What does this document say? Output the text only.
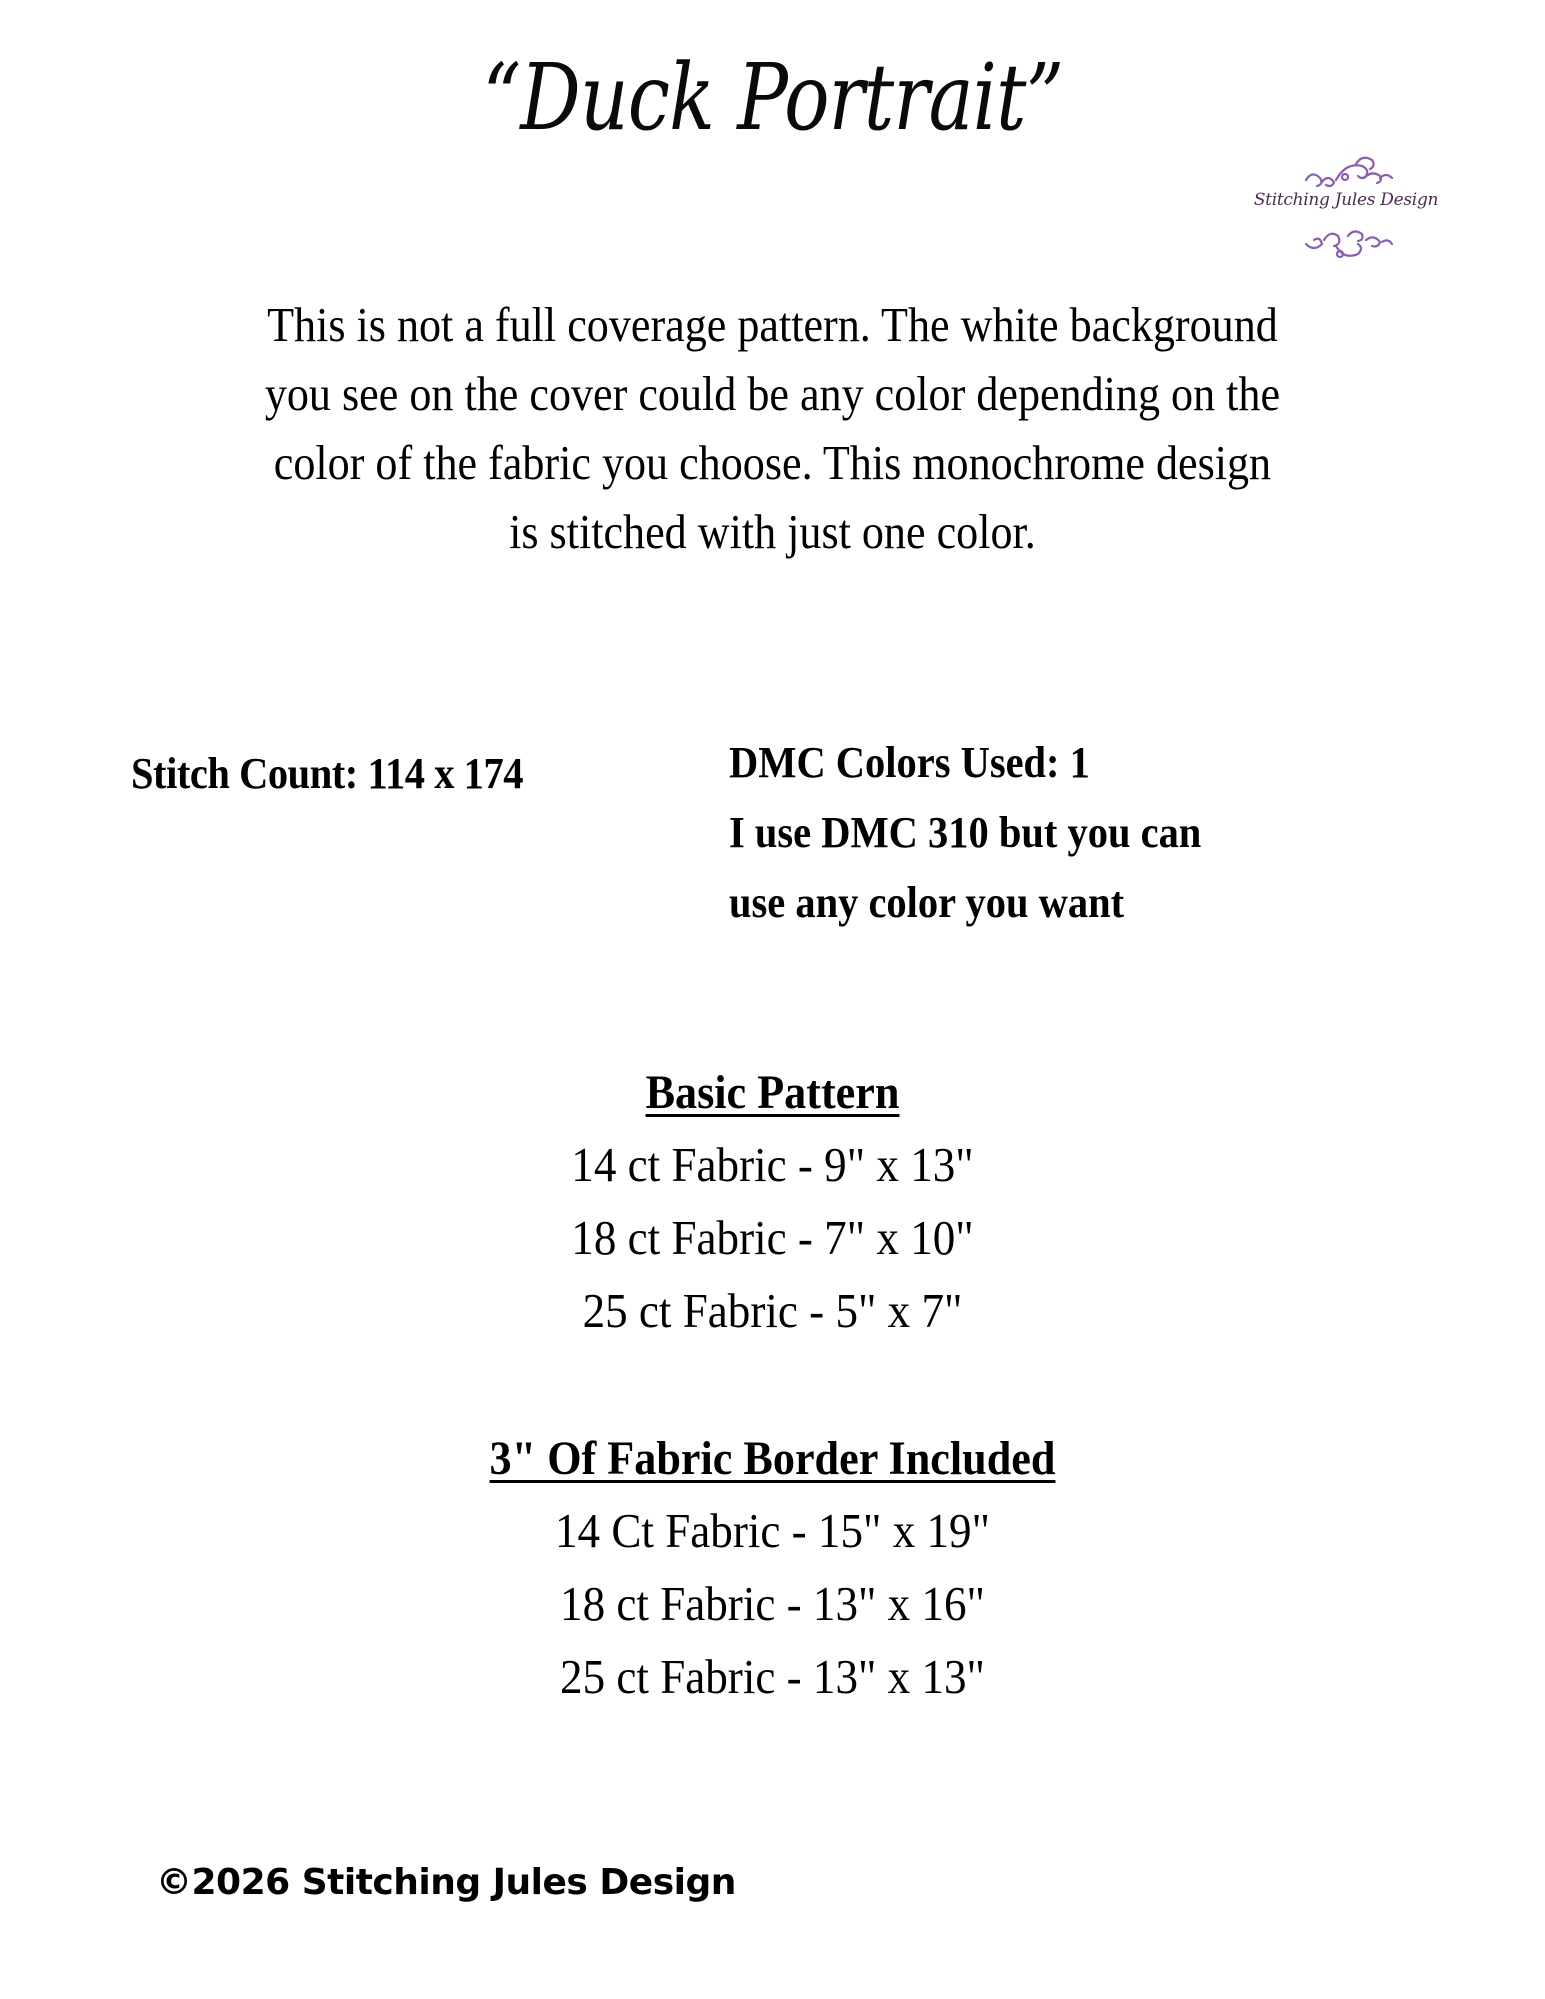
“Duck Portrait”
Stitching Jules Design
This is not a full coverage pattern. The white background
you see on the cover could be any color depending on the
color of the fabric you choose. This monochrome design
is stitched with just one color.
Stitch Count: 114 x 174	DMC Colors Used: 1
I use DMC 310 but you can
use any color you want
Basic Pattern
14 ct Fabric - 9" x 13"
18 ct Fabric - 7" x 10"
25 ct Fabric - 5" x 7"
3" Of Fabric Border Included
14 Ct Fabric - 15" x 19"
18 ct Fabric - 13" x 16"
25 ct Fabric - 13" x 13"
©2026 Stitching Jules Design
